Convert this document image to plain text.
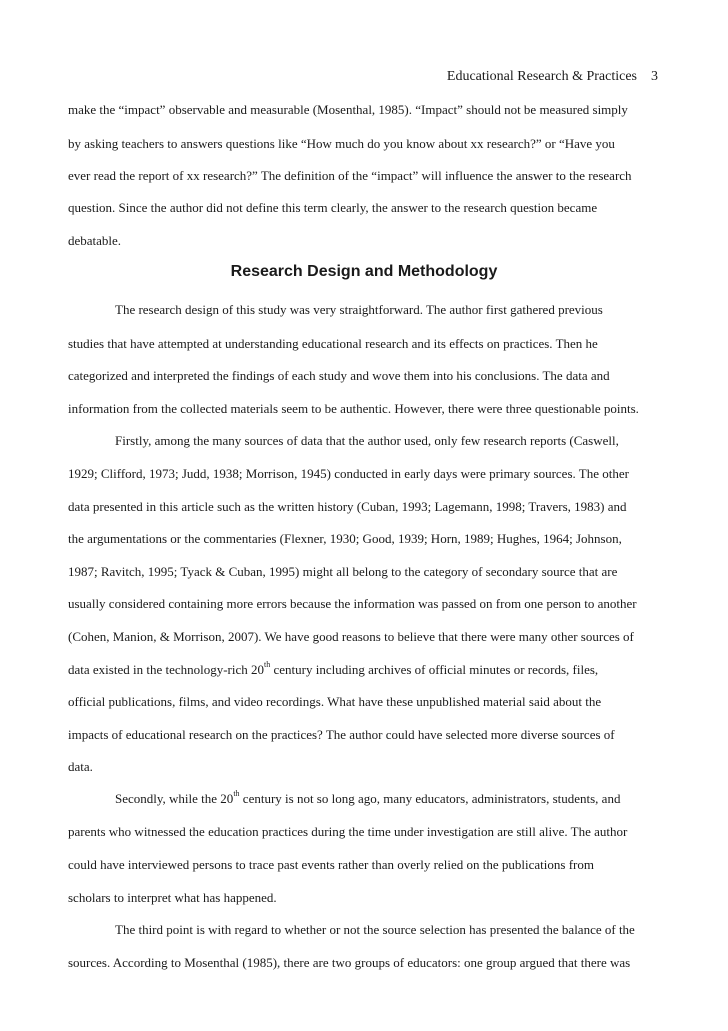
Educational Research & Practices 3
make the “impact” observable and measurable (Mosenthal, 1985). “Impact” should not be measured simply
by asking teachers to answers questions like “How much do you know about xx research?” or “Have you
ever read the report of xx research?” The definition of the “impact” will influence the answer to the research
question. Since the author did not define this term clearly, the answer to the research question became
debatable.
Research Design and Methodology
The research design of this study was very straightforward. The author first gathered previous
studies that have attempted at understanding educational research and its effects on practices. Then he
categorized and interpreted the findings of each study and wove them into his conclusions. The data and
information from the collected materials seem to be authentic. However, there were three questionable points.
Firstly, among the many sources of data that the author used, only few research reports (Caswell,
1929; Clifford, 1973; Judd, 1938; Morrison, 1945) conducted in early days were primary sources. The other
data presented in this article such as the written history (Cuban, 1993; Lagemann, 1998; Travers, 1983) and
the argumentations or the commentaries (Flexner, 1930; Good, 1939; Horn, 1989; Hughes, 1964; Johnson,
1987; Ravitch, 1995; Tyack & Cuban, 1995) might all belong to the category of secondary source that are
usually considered containing more errors because the information was passed on from one person to another
(Cohen, Manion, & Morrison, 2007). We have good reasons to believe that there were many other sources of
data existed in the technology-rich 20th century including archives of official minutes or records, files,
official publications, films, and video recordings. What have these unpublished material said about the
impacts of educational research on the practices? The author could have selected more diverse sources of
data.
Secondly, while the 20th century is not so long ago, many educators, administrators, students, and
parents who witnessed the education practices during the time under investigation are still alive. The author
could have interviewed persons to trace past events rather than overly relied on the publications from
scholars to interpret what has happened.
The third point is with regard to whether or not the source selection has presented the balance of the
sources. According to Mosenthal (1985), there are two groups of educators: one group argued that there was
